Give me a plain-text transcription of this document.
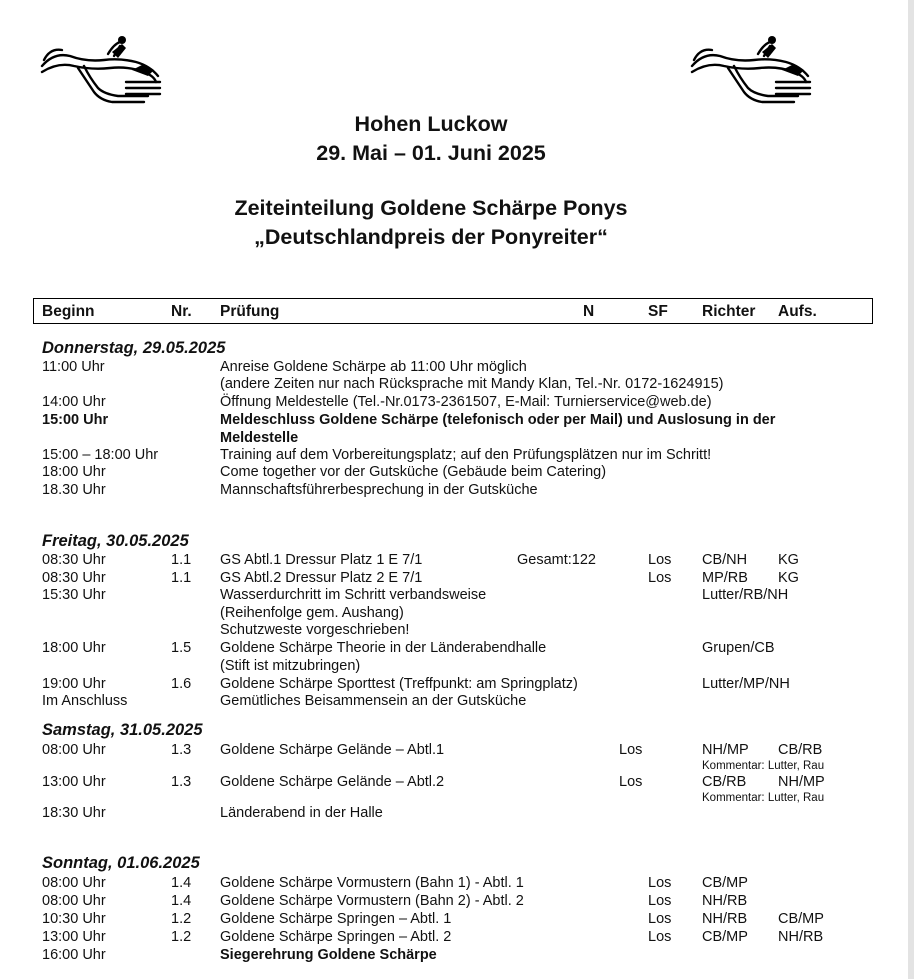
Hohen Luckow
29. Mai – 01. Juni 2025
Zeiteinteilung Goldene Schärpe Ponys
„Deutschlandpreis der Ponyreiter“
Beginn	Nr. Prüfung	N	SF Richter Aufs.
Donnerstag, 29.05.2025
11:00 Uhr	Anreise Goldene Schärpe ab 11:00 Uhr möglich
(andere Zeiten nur nach Rücksprache mit Mandy Klan, Tel.-Nr. 0172-1624915)
14:00 Uhr	Öffnung Meldestelle (Tel.-Nr.0173-2361507, E-Mail: Turnierservice@web.de)
15:00 Uhr	Meldeschluss Goldene Schärpe (telefonisch oder per Mail) und Auslosung in der
Meldestelle
15:00 – 18:00 Uhr	Training auf dem Vorbereitungsplatz; auf den Prüfungsplätzen nur im Schritt!
18:00 Uhr	Come together vor der Gutsküche (Gebäude beim Catering)
18.30 Uhr	Mannschaftsführerbesprechung in der Gutsküche
Freitag, 30.05.2025
08:30 Uhr	1.1 GS Abtl.1 Dressur Platz 1 E 7/1	Gesamt:122	Los CB/NH KG
08:30 Uhr	1.1 GS Abtl.2 Dressur Platz 2 E 7/1	Los MP/RB KG
15:30 Uhr	Wasserdurchritt im Schritt verbandsweise	Lutter/RB/NH
(Reihenfolge gem. Aushang)
Schutzweste vorgeschrieben!
18:00 Uhr	1.5 Goldene Schärpe Theorie in der Länderabendhalle	Grupen/CB
(Stift ist mitzubringen)
19:00 Uhr	1.6 Goldene Schärpe Sporttest (Treffpunkt: am Springplatz)	Lutter/MP/NH
Im Anschluss	Gemütliches Beisammensein an der Gutsküche
Samstag, 31.05.2025
08:00 Uhr	1.3 Goldene Schärpe Gelände – Abtl.1	Los	NH/MP CB/RB
Kommentar: Lutter, Rau
13:00 Uhr	1.3 Goldene Schärpe Gelände – Abtl.2	Los	CB/RB NH/MP
Kommentar: Lutter, Rau
18:30 Uhr	Länderabend in der Halle
Sonntag, 01.06.2025
08:00 Uhr	1.4 Goldene Schärpe Vormustern (Bahn 1) - Abtl. 1	Los CB/MP
08:00 Uhr	1.4 Goldene Schärpe Vormustern (Bahn 2) - Abtl. 2	Los NH/RB
10:30 Uhr	1.2 Goldene Schärpe Springen – Abtl. 1	Los NH/RB CB/MP
13:00 Uhr	1.2 Goldene Schärpe Springen – Abtl. 2	Los CB/MP NH/RB
16:00 Uhr	Siegerehrung Goldene Schärpe
